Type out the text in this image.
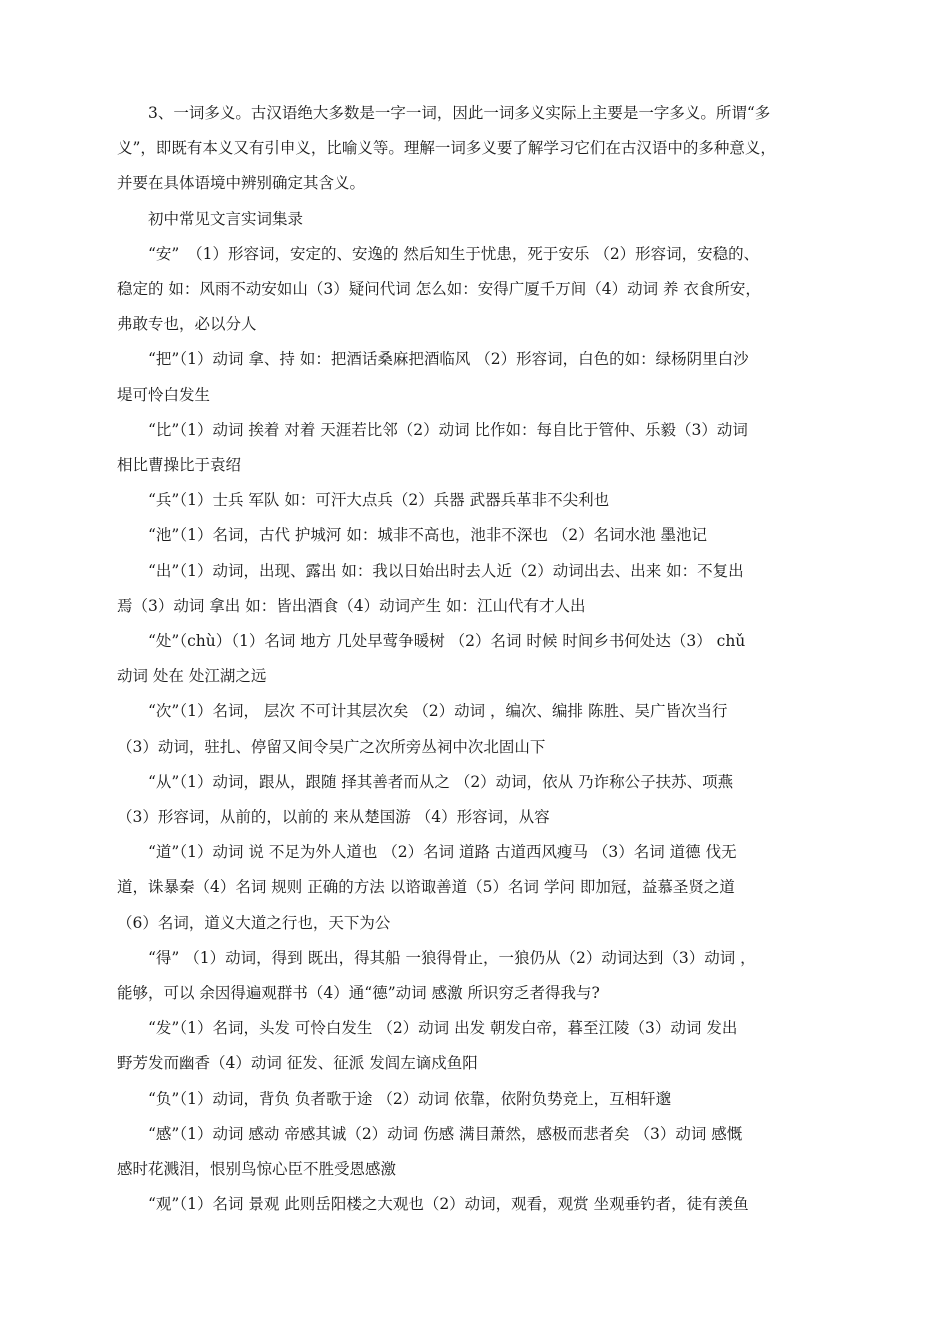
3、一词多义。古汉语绝大多数是一字一词，因此一词多义实际上主要是一字多义。所谓“多
义”，即既有本义又有引申义，比喻义等。理解一词多义要了解学习它们在古汉语中的多种意义，
并要在具体语境中辨别确定其含义。
初中常见文言实词集录
“安”　（1）形容词，安定的、安逸的 然后知生于忧患，死于安乐 （2）形容词，安稳的、
稳定的 如：风雨不动安如山（3）疑问代词 怎么如：安得广厦千万间（4）动词 养 衣食所安，
弗敢专也，必以分人
“把”（1）动词 拿、持 如：把酒话桑麻把酒临风 （2）形容词，白色的如：绿杨阴里白沙
堤可怜白发生
“比”（1）动词 挨着 对着 天涯若比邻（2）动词 比作如：每自比于管仲、乐毅（3）动词
相比曹操比于袁绍
“兵”（1）士兵 军队 如：可汗大点兵（2）兵器 武器兵革非不尖利也
“池”（1）名词，古代 护城河 如：城非不高也，池非不深也 （2）名词水池 墨池记
“出”（1）动词，出现、露出 如：我以日始出时去人近（2）动词出去、出来 如：不复出
焉（3）动词 拿出 如：皆出酒食（4）动词产生 如：江山代有才人出
“处”（chù）（1）名词 地方 几处早莺争暖树 （2）名词 时候 时间乡书何处达（3） chǔ
动词 处在 处江湖之远
“次”（1）名词， 层次 不可计其层次矣 （2）动词 ，编次、编排 陈胜、吴广皆次当行
（3）动词，驻扎、停留又间令吴广之次所旁丛祠中次北固山下
“从”（1）动词，跟从，跟随 择其善者而从之 （2）动词，依从 乃诈称公子扶苏、项燕
（3）形容词，从前的，以前的 来从楚国游 （4）形容词，从容
“道”（1）动词 说 不足为外人道也 （2）名词 道路 古道西风瘦马 （3）名词 道德 伐无
道，诛暴秦（4）名词 规则 正确的方法 以谘诹善道（5）名词 学问 即加冠，益慕圣贤之道
（6）名词，道义大道之行也，天下为公
“得” （1）动词，得到 既出，得其船 一狼得骨止，一狼仍从（2）动词达到（3）动词 ，
能够，可以 余因得遍观群书（4）通“德”动词 感激 所识穷乏者得我与?
“发”（1）名词，头发 可怜白发生 （2）动词 出发 朝发白帝，暮至江陵（3）动词 发出
野芳发而幽香（4）动词 征发、征派 发闾左谪戍鱼阳
“负”（1）动词，背负 负者歌于途 （2）动词 依靠，依附负势竞上，互相轩邈
“感”（1）动词 感动 帝感其诚（2）动词 伤感 满目萧然，感极而悲者矣 （3）动词 感慨
感时花溅泪，恨别鸟惊心臣不胜受恩感激
“观”（1）名词 景观 此则岳阳楼之大观也（2）动词，观看，观赏 坐观垂钓者，徒有羡鱼
